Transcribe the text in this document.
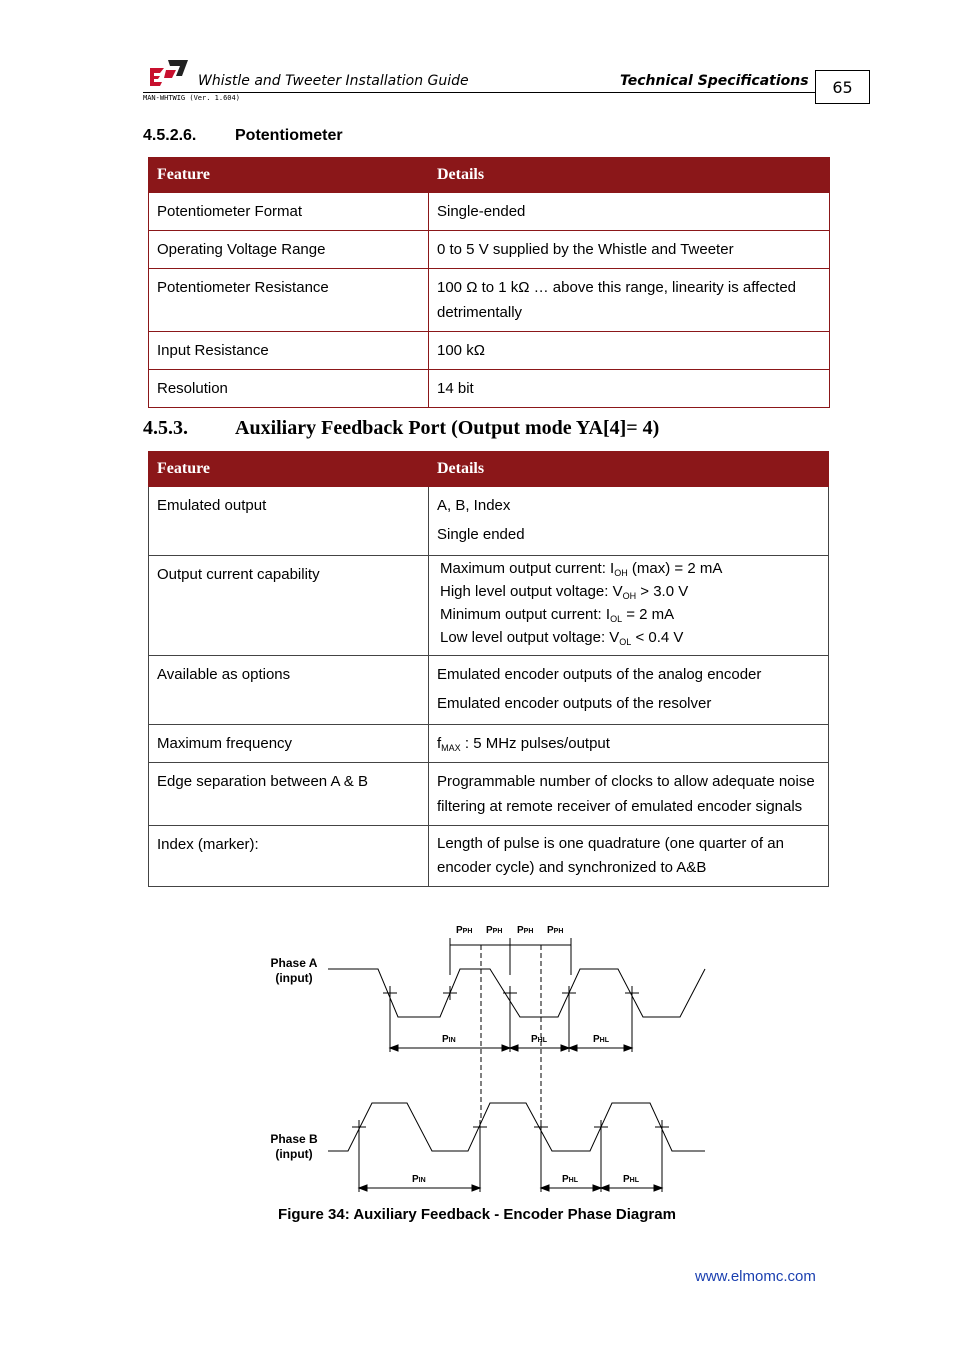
Whistle and Tweeter Installation Guide	Technical Specifications
MAN-WHTWIG (Ver. 1.604)
65
4.5.2.6. Potentiometer
Feature	Details
Potentiometer Format	Single-ended
Operating Voltage Range	0 to 5 V supplied by the Whistle and Tweeter
Potentiometer Resistance	100 Ω to 1 kΩ … above this range, linearity is affected detrimentally
Input Resistance	100 kΩ
Resolution	14 bit
4.5.3. Auxiliary Feedback Port (Output mode YA[4]= 4)
Feature	Details
Emulated output	A, B, Index
Single ended

Output current capability	Maximum output current: $I_{OH}$ (max) = 2 mA
High level output voltage: $V_{OH} > 3.0$ V
Minimum output current: $I_{OL} = 2$ mA
Low level output voltage: $V_{OL} < 0.4$ V

Available as options	Emulated encoder outputs of the analog encoder
Emulated encoder outputs of the resolver

Maximum frequency	$f_{MAX}$ : 5 MHz pulses/output
Edge separation between A & B	Programmable number of clocks to allow adequate noise filtering at remote receiver of emulated encoder signals
Index (marker):	Length of pulse is one quadrature (one quarter of an encoder cycle) and synchronized to A&B
Phase A
(input)
Phase B
(input)
PPH PPH PPH PPH
PIN	PHL	PHL
PIN	PHL	PHL
Figure 34: Auxiliary Feedback - Encoder Phase Diagram
www.elmomc.com
